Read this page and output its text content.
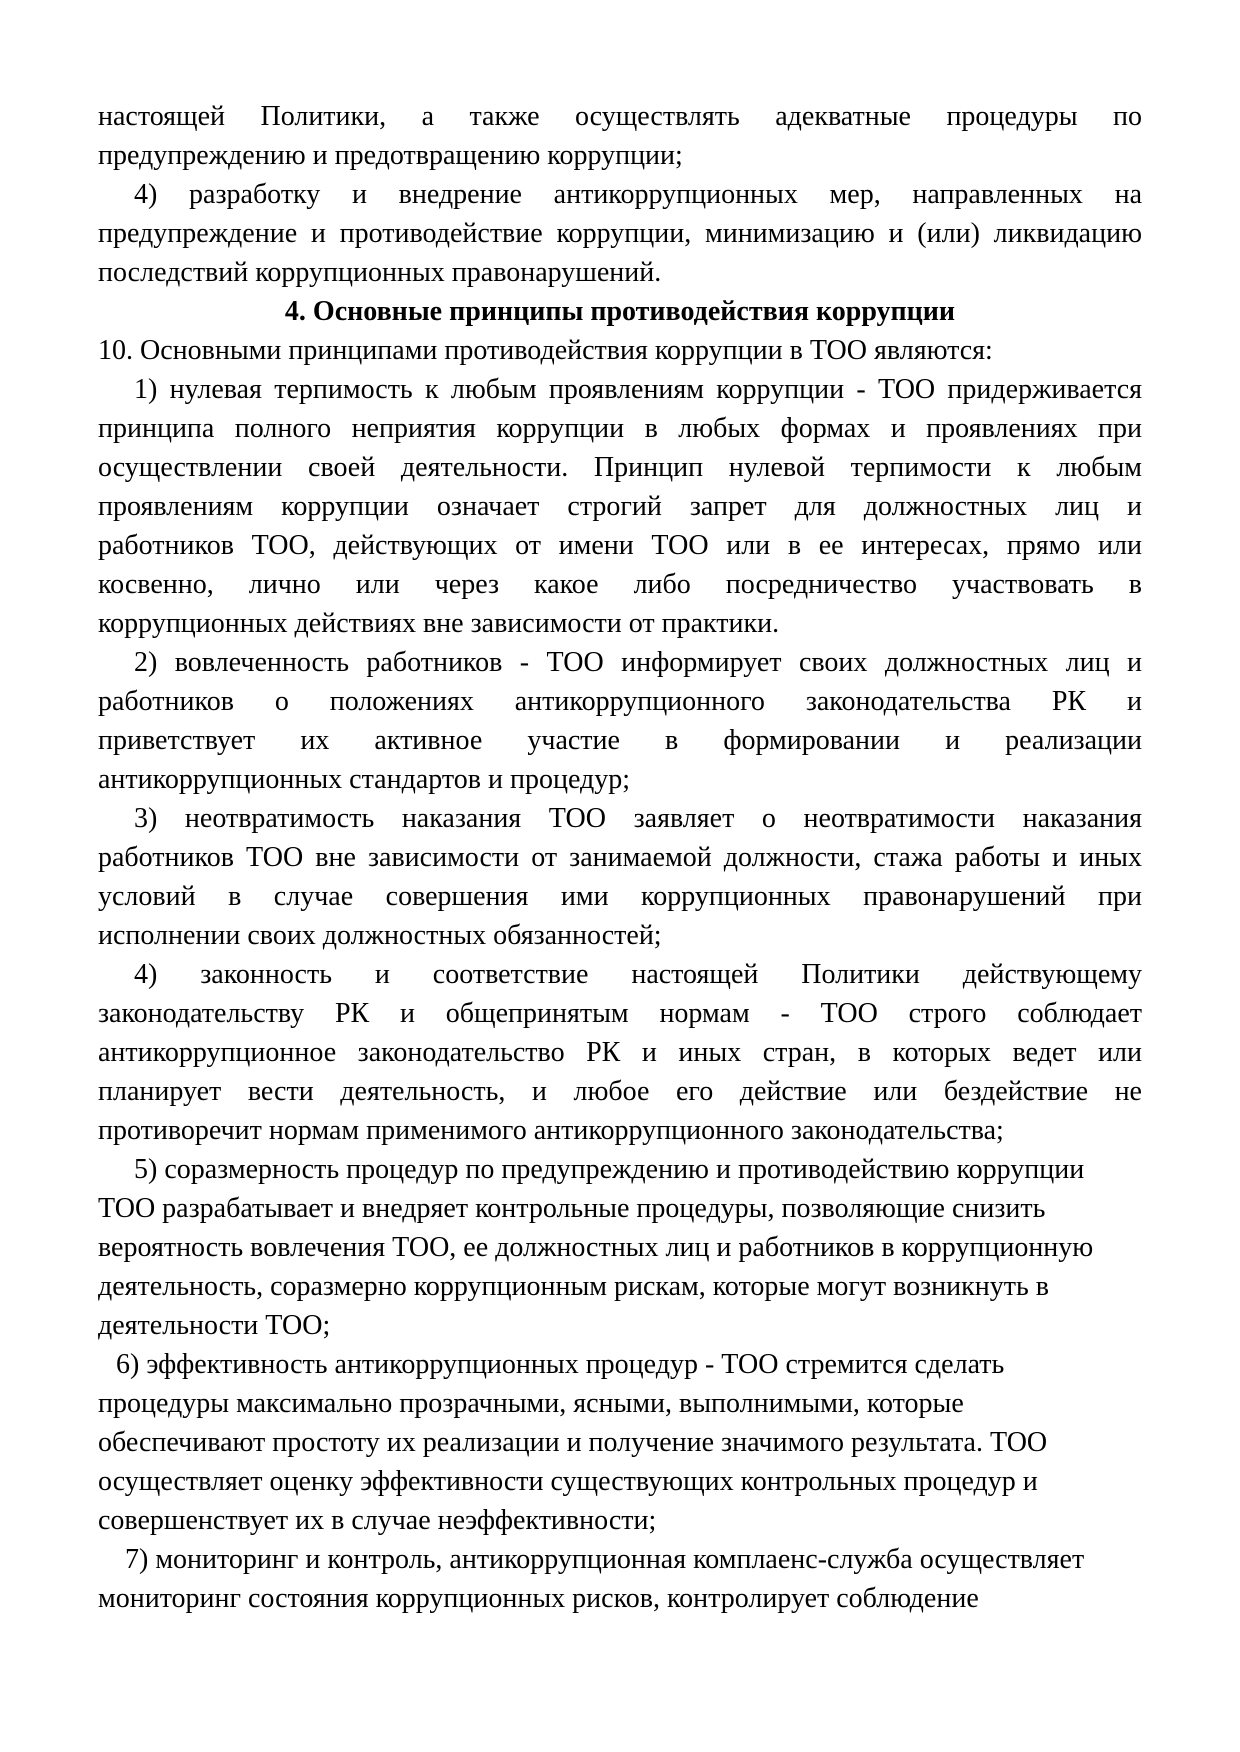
настоящей Политики, а также осуществлять адекватные процедуры по
предупреждению и предотвращению коррупции;
4) разработку и внедрение антикоррупционных мер, направленных на
предупреждение и противодействие коррупции, минимизацию и (или) ликвидацию
последствий коррупционных правонарушений.
4. Основные принципы противодействия коррупции
10. Основными принципами противодействия коррупции в ТОО являются:
1) нулевая терпимость к любым проявлениям коррупции - ТОО придерживается
принципа полного неприятия коррупции в любых формах и проявлениях при
осуществлении своей деятельности. Принцип нулевой терпимости к любым
проявлениям коррупции означает строгий запрет для должностных лиц и
работников ТОО, действующих от имени ТОО или в ее интересах, прямо или
косвенно, лично или через какое либо посредничество участвовать в
коррупционных действиях вне зависимости от практики.
2) вовлеченность работников - ТОО информирует своих должностных лиц и
работников о положениях антикоррупционного законодательства РК и
приветствует их активное участие в формировании и реализации
антикоррупционных стандартов и процедур;
3) неотвратимость наказания ТОО заявляет о неотвратимости наказания
работников ТОО вне зависимости от занимаемой должности, стажа работы и иных
условий в случае совершения ими коррупционных правонарушений при
исполнении своих должностных обязанностей;
4) законность и соответствие настоящей Политики действующему
законодательству РК и общепринятым нормам - ТОО строго соблюдает
антикоррупционное законодательство РК и иных стран, в которых ведет или
планирует вести деятельность, и любое его действие или бездействие не
противоречит нормам применимого антикоррупционного законодательства;
5) соразмерность процедур по предупреждению и противодействию коррупции
ТОО разрабатывает и внедряет контрольные процедуры, позволяющие снизить
вероятность вовлечения ТОО, ее должностных лиц и работников в коррупционную
деятельность, соразмерно коррупционным рискам, которые могут возникнуть в
деятельности ТОО;
6) эффективность антикоррупционных процедур - ТОО стремится сделать
процедуры максимально прозрачными, ясными, выполнимыми, которые
обеспечивают простоту их реализации и получение значимого результата. ТОО
осуществляет оценку эффективности существующих контрольных процедур и
совершенствует их в случае неэффективности;
7) мониторинг и контроль, антикоррупционная комплаенс-служба осуществляет
мониторинг состояния коррупционных рисков, контролирует соблюдение
